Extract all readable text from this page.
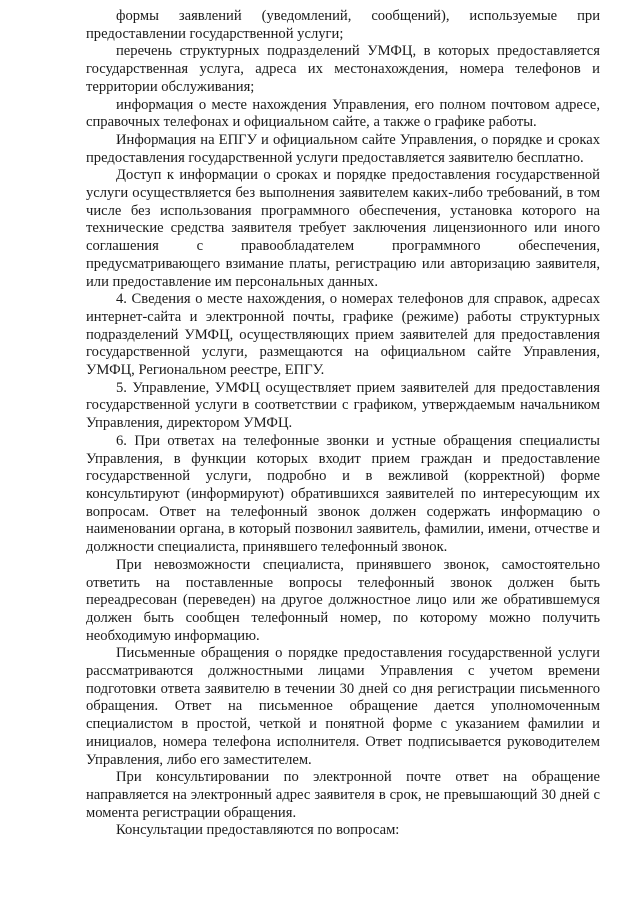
формы заявлений (уведомлений, сообщений), используемые при предоставлении государственной услуги;

перечень структурных подразделений УМФЦ, в которых предоставляется государственная услуга, адреса их местонахождения, номера телефонов и территории обслуживания;

информация о месте нахождения Управления, его полном почтовом адресе, справочных телефонах и официальном сайте, а также о графике работы.

Информация на ЕПГУ и официальном сайте Управления, о порядке и сроках предоставления государственной услуги предоставляется заявителю бесплатно.

Доступ к информации о сроках и порядке предоставления государственной услуги осуществляется без выполнения заявителем каких-либо требований, в том числе без использования программного обеспечения, установка которого на технические средства заявителя требует заключения лицензионного или иного соглашения с правообладателем программного обеспечения, предусматривающего взимание платы, регистрацию или авторизацию заявителя, или предоставление им персональных данных.

4. Сведения о месте нахождения, о номерах телефонов для справок, адресах интернет-сайта и электронной почты, графике (режиме) работы структурных подразделений УМФЦ, осуществляющих прием заявителей для предоставления государственной услуги, размещаются на официальном сайте Управления, УМФЦ, Региональном реестре, ЕПГУ.

5. Управление, УМФЦ осуществляет прием заявителей для предоставления государственной услуги в соответствии с графиком, утверждаемым начальником Управления, директором УМФЦ.

6. При ответах на телефонные звонки и устные обращения специалисты Управления, в функции которых входит прием граждан и предоставление государственной услуги, подробно и в вежливой (корректной) форме консультируют (информируют) обратившихся заявителей по интересующим их вопросам. Ответ на телефонный звонок должен содержать информацию о наименовании органа, в который позвонил заявитель, фамилии, имени, отчестве и должности специалиста, принявшего телефонный звонок.

При невозможности специалиста, принявшего звонок, самостоятельно ответить на поставленные вопросы телефонный звонок должен быть переадресован (переведен) на другое должностное лицо или же обратившемуся должен быть сообщен телефонный номер, по которому можно получить необходимую информацию.

Письменные обращения о порядке предоставления государственной услуги рассматриваются должностными лицами Управления с учетом времени подготовки ответа заявителю в течении 30 дней со дня регистрации письменного обращения. Ответ на письменное обращение дается уполномоченным специалистом в простой, четкой и понятной форме с указанием фамилии и инициалов, номера телефона исполнителя. Ответ подписывается руководителем Управления, либо его заместителем.

При консультировании по электронной почте ответ на обращение направляется на электронный адрес заявителя в срок, не превышающий 30 дней с момента регистрации обращения.

Консультации предоставляются по вопросам:
